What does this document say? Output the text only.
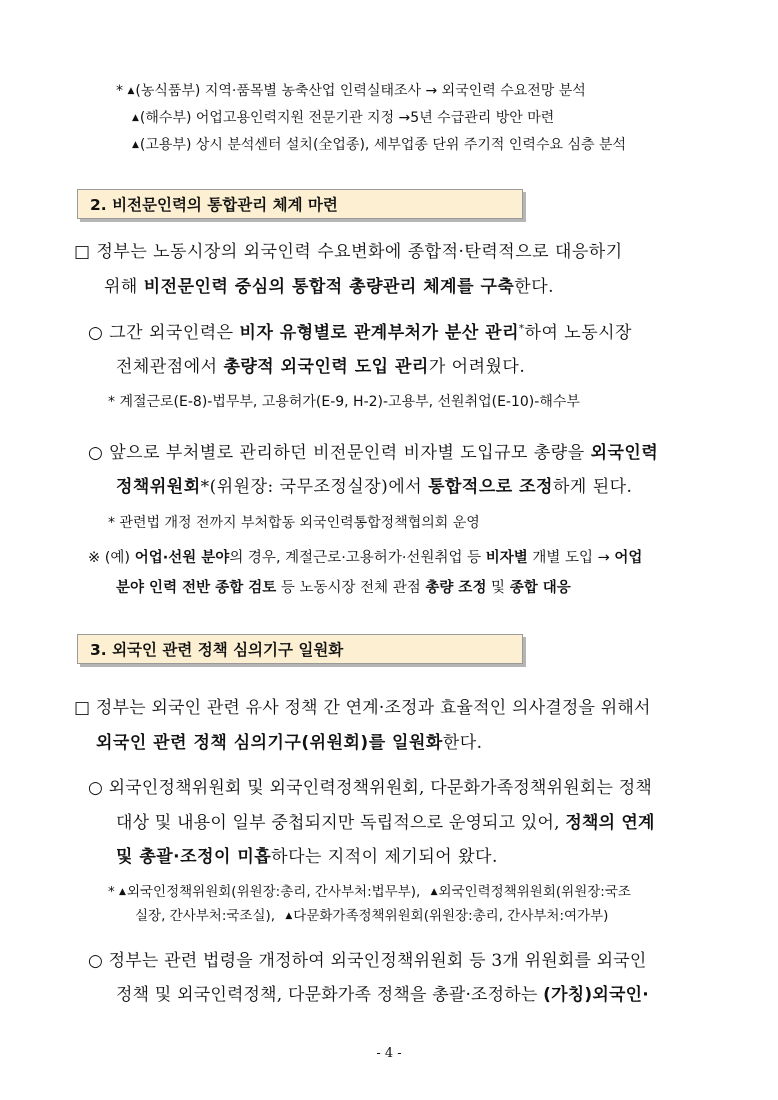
* ▲(농식품부) 지역·품목별 농축산업 인력실태조사 → 외국인력 수요전망 분석
▲(해수부) 어업고용인력지원 전문기관 지정 →5년 수급관리 방안 마련
▲(고용부) 상시 분석센터 설치(全업종), 세부업종 단위 주기적 인력수요 심층 분석
2. 비전문인력의 통합관리 체계 마련
□ 정부는 노동시장의 외국인력 수요변화에 종합적·탄력적으로 대응하기
위해 비전문인력 중심의 통합적 총량관리 체계를 구축한다.
○ 그간 외국인력은 비자 유형별로 관계부처가 분산 관리*하여 노동시장
전체관점에서 총량적 외국인력 도입 관리가 어려웠다.
* 계절근로(E-8)-법무부, 고용허가(E-9, H-2)-고용부, 선원취업(E-10)-해수부
○ 앞으로 부처별로 관리하던 비전문인력 비자별 도입규모 총량을 외국인력
정책위원회*(위원장: 국무조정실장)에서 통합적으로 조정하게 된다.
* 관련법 개정 전까지 부처합동 외국인력통합정책협의회 운영
※ (예) 어업·선원 분야의 경우, 계절근로·고용허가·선원취업 등 비자별 개별 도입 → 어업
분야 인력 전반 종합 검토 등 노동시장 전체 관점 총량 조정 및 종합 대응
3. 외국인 관련 정책 심의기구 일원화
□ 정부는 외국인 관련 유사 정책 간 연계·조정과 효율적인 의사결정을 위해서
외국인 관련 정책 심의기구(위원회)를 일원화한다.
○ 외국인정책위원회 및 외국인력정책위원회, 다문화가족정책위원회는 정책
대상 및 내용이 일부 중첩되지만 독립적으로 운영되고 있어, 정책의 연계
및 총괄·조정이 미흡하다는 지적이 제기되어 왔다.
* ▲외국인정책위원회(위원장:총리, 간사부처:법무부), ▲외국인력정책위원회(위원장:국조
실장, 간사부처:국조실), ▲다문화가족정책위원회(위원장:총리, 간사부처:여가부)
○ 정부는 관련 법령을 개정하여 외국인정책위원회 등 3개 위원회를 외국인
정책 및 외국인력정책, 다문화가족 정책을 총괄·조정하는 (가칭)외국인·
- 4 -
